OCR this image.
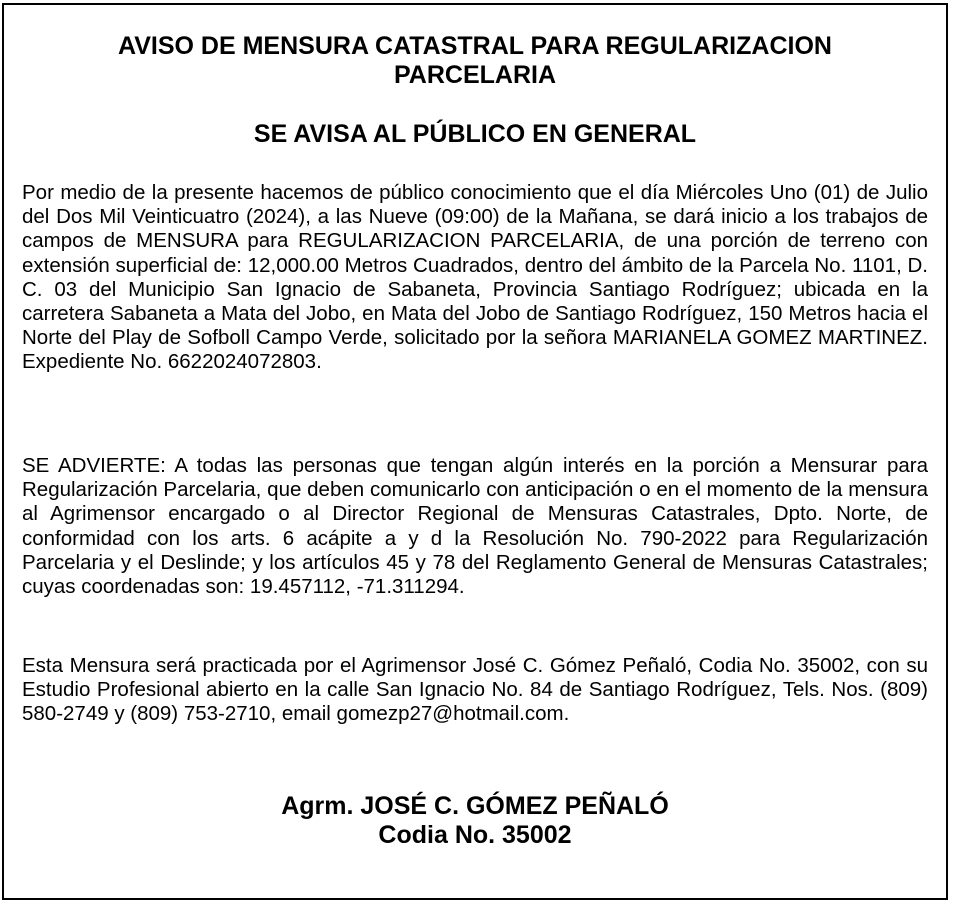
AVISO DE MENSURA CATASTRAL PARA REGULARIZACION
PARCELARIA
SE AVISA AL PÚBLICO EN GENERAL

Por medio de la presente hacemos de público conocimiento que el día Miércoles Uno (01) de Julio del Dos Mil Veinticuatro (2024), a las Nueve (09:00) de la Mañana, se dará inicio a los trabajos de campos de MENSURA para REGULARIZACION PARCELARIA, de una porción de terreno con extensión superficial de: 12,000.00 Metros Cuadrados, dentro del ámbito de la Parcela No. 1101, D. C. 03 del Municipio San Ignacio de Sabaneta, Provincia Santiago Rodríguez; ubicada en la carretera Sabaneta a Mata del Jobo, en Mata del Jobo de Santiago Rodríguez, 150 Metros hacia el Norte del Play de Sofboll Campo Verde, solicitado por la señora MARIANELA GOMEZ MARTINEZ. Expediente No. 6622024072803.

SE ADVIERTE: A todas las personas que tengan algún interés en la porción a Mensurar para Regularización Parcelaria, que deben comunicarlo con anticipación o en el momento de la mensura al Agrimensor encargado o al Director Regional de Mensuras Catastrales, Dpto. Norte, de conformidad con los arts. 6 acápite a y d la Resolución No. 790-2022 para Regularización Parcelaria y el Deslinde; y los artículos 45 y 78 del Reglamento General de Mensuras Catastrales; cuyas coordenadas son: 19.457112, -71.311294.

Esta Mensura será practicada por el Agrimensor José C. Gómez Peñaló, Codia No. 35002, con su Estudio Profesional abierto en la calle San Ignacio No. 84 de Santiago Rodríguez, Tels. Nos. (809) 580-2749 y (809) 753-2710, email gomezp27@hotmail.com.

Agrm. JOSÉ C. GÓMEZ PEÑALÓ
Codia No. 35002
